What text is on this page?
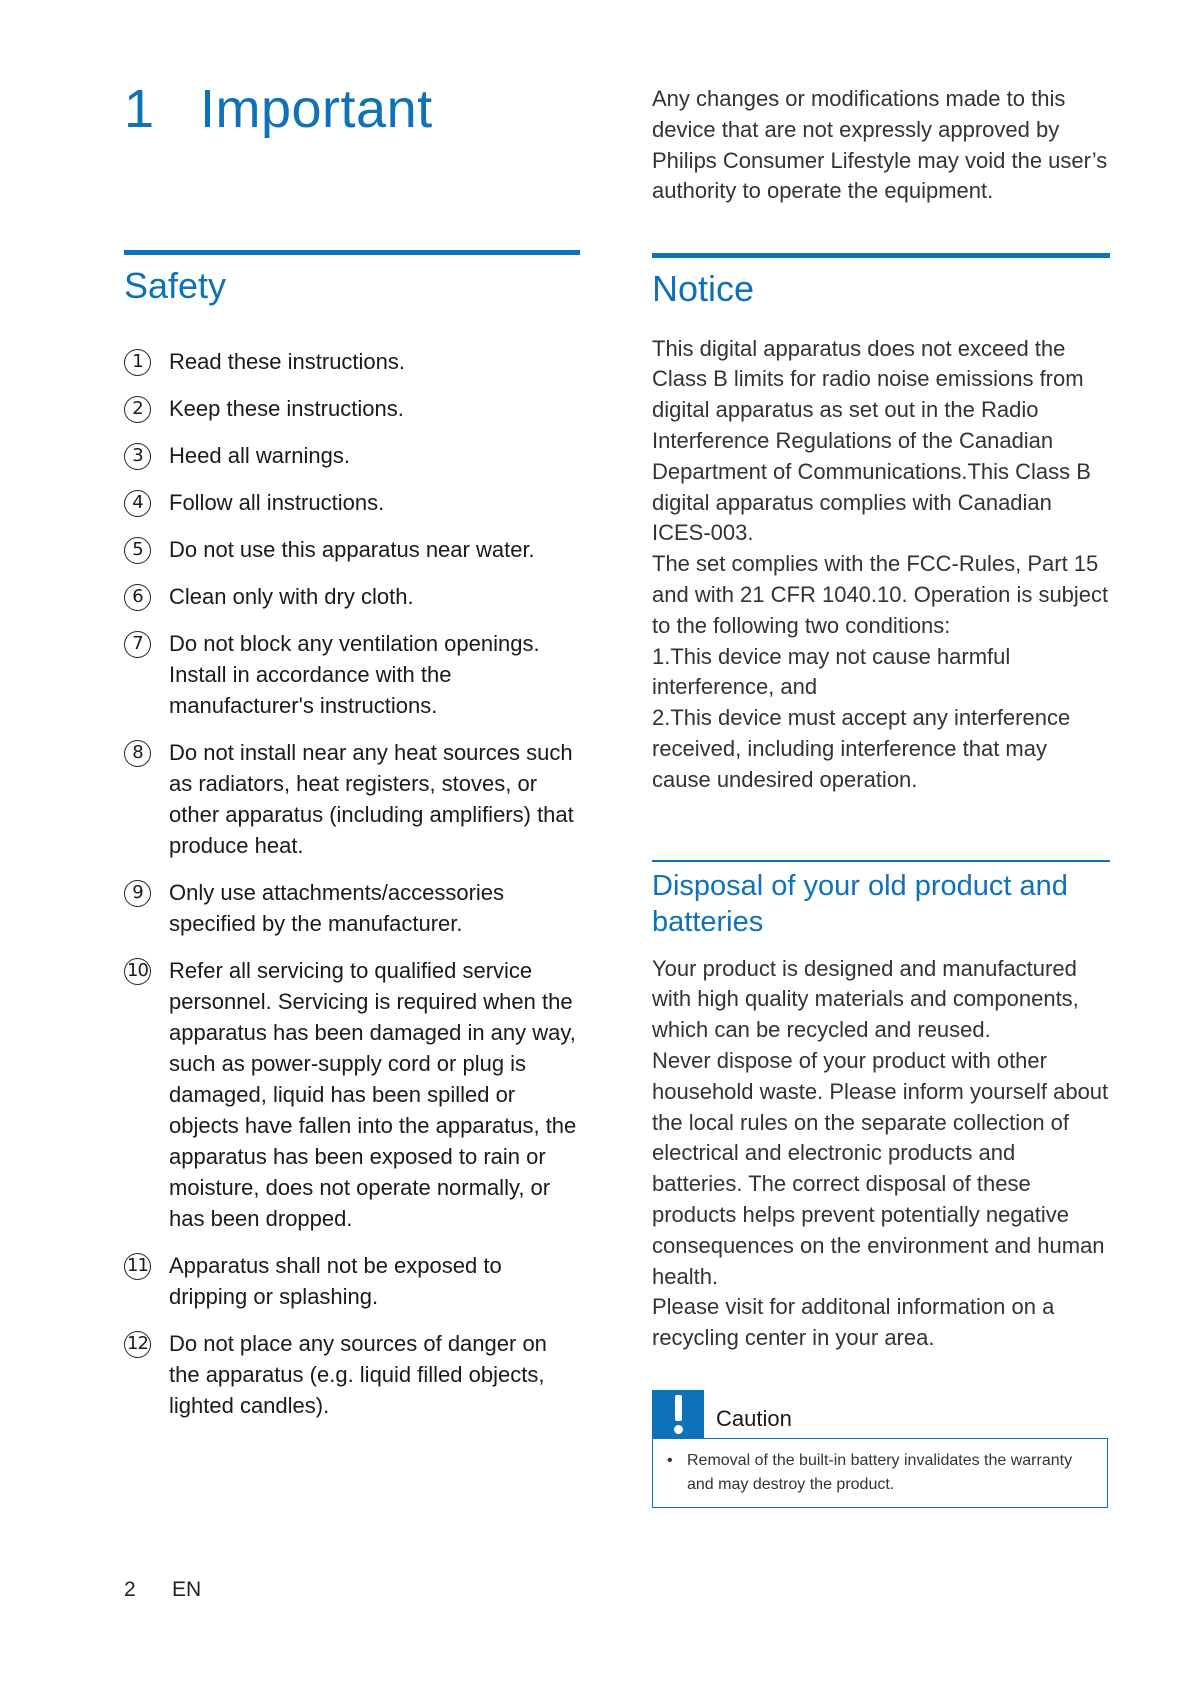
1 Important
Safety
1	Read these instructions.
2	Keep these instructions.
3	Heed all warnings.
4	Follow all instructions.
5	Do not use this apparatus near water.
6	Clean only with dry cloth.
7	Do not block any ventilation openings. Install in accordance with the manufacturer's instructions.
8	Do not install near any heat sources such as radiators, heat registers, stoves, or other apparatus (including amplifiers) that produce heat.
9	Only use attachments/accessories specified by the manufacturer.
10 Refer all servicing to qualified service personnel. Servicing is required when the apparatus has been damaged in any way, such as power-supply cord or plug is damaged, liquid has been spilled or objects have fallen into the apparatus, the apparatus has been exposed to rain or moisture, does not operate normally, or has been dropped.
11 Apparatus shall not be exposed to dripping or splashing.
12 Do not place any sources of danger on the apparatus (e.g. liquid filled objects, lighted candles).

Any changes or modifications made to this device that are not expressly approved by Philips Consumer Lifestyle may void the user’s authority to operate the equipment.

Notice

This digital apparatus does not exceed the Class B limits for radio noise emissions from digital apparatus as set out in the Radio Interference Regulations of the Canadian Department of Communications.This Class B digital apparatus complies with Canadian ICES-003.

The set complies with the FCC-Rules, Part 15 and with 21 CFR 1040.10. Operation is subject to the following two conditions:

1.This device may not cause harmful interference, and

2.This device must accept any interference received, including interference that may cause undesired operation.

Disposal of your old product and batteries

Your product is designed and manufactured with high quality materials and components, which can be recycled and reused.

Never dispose of your product with other household waste. Please inform yourself about the local rules on the separate collection of electrical and electronic products and batteries. The correct disposal of these products helps prevent potentially negative consequences on the environment and human health.

Please visit for additonal information on a recycling center in your area.

Caution
• Removal of the built-in battery invalidates the warranty and may destroy the product.
2 EN
